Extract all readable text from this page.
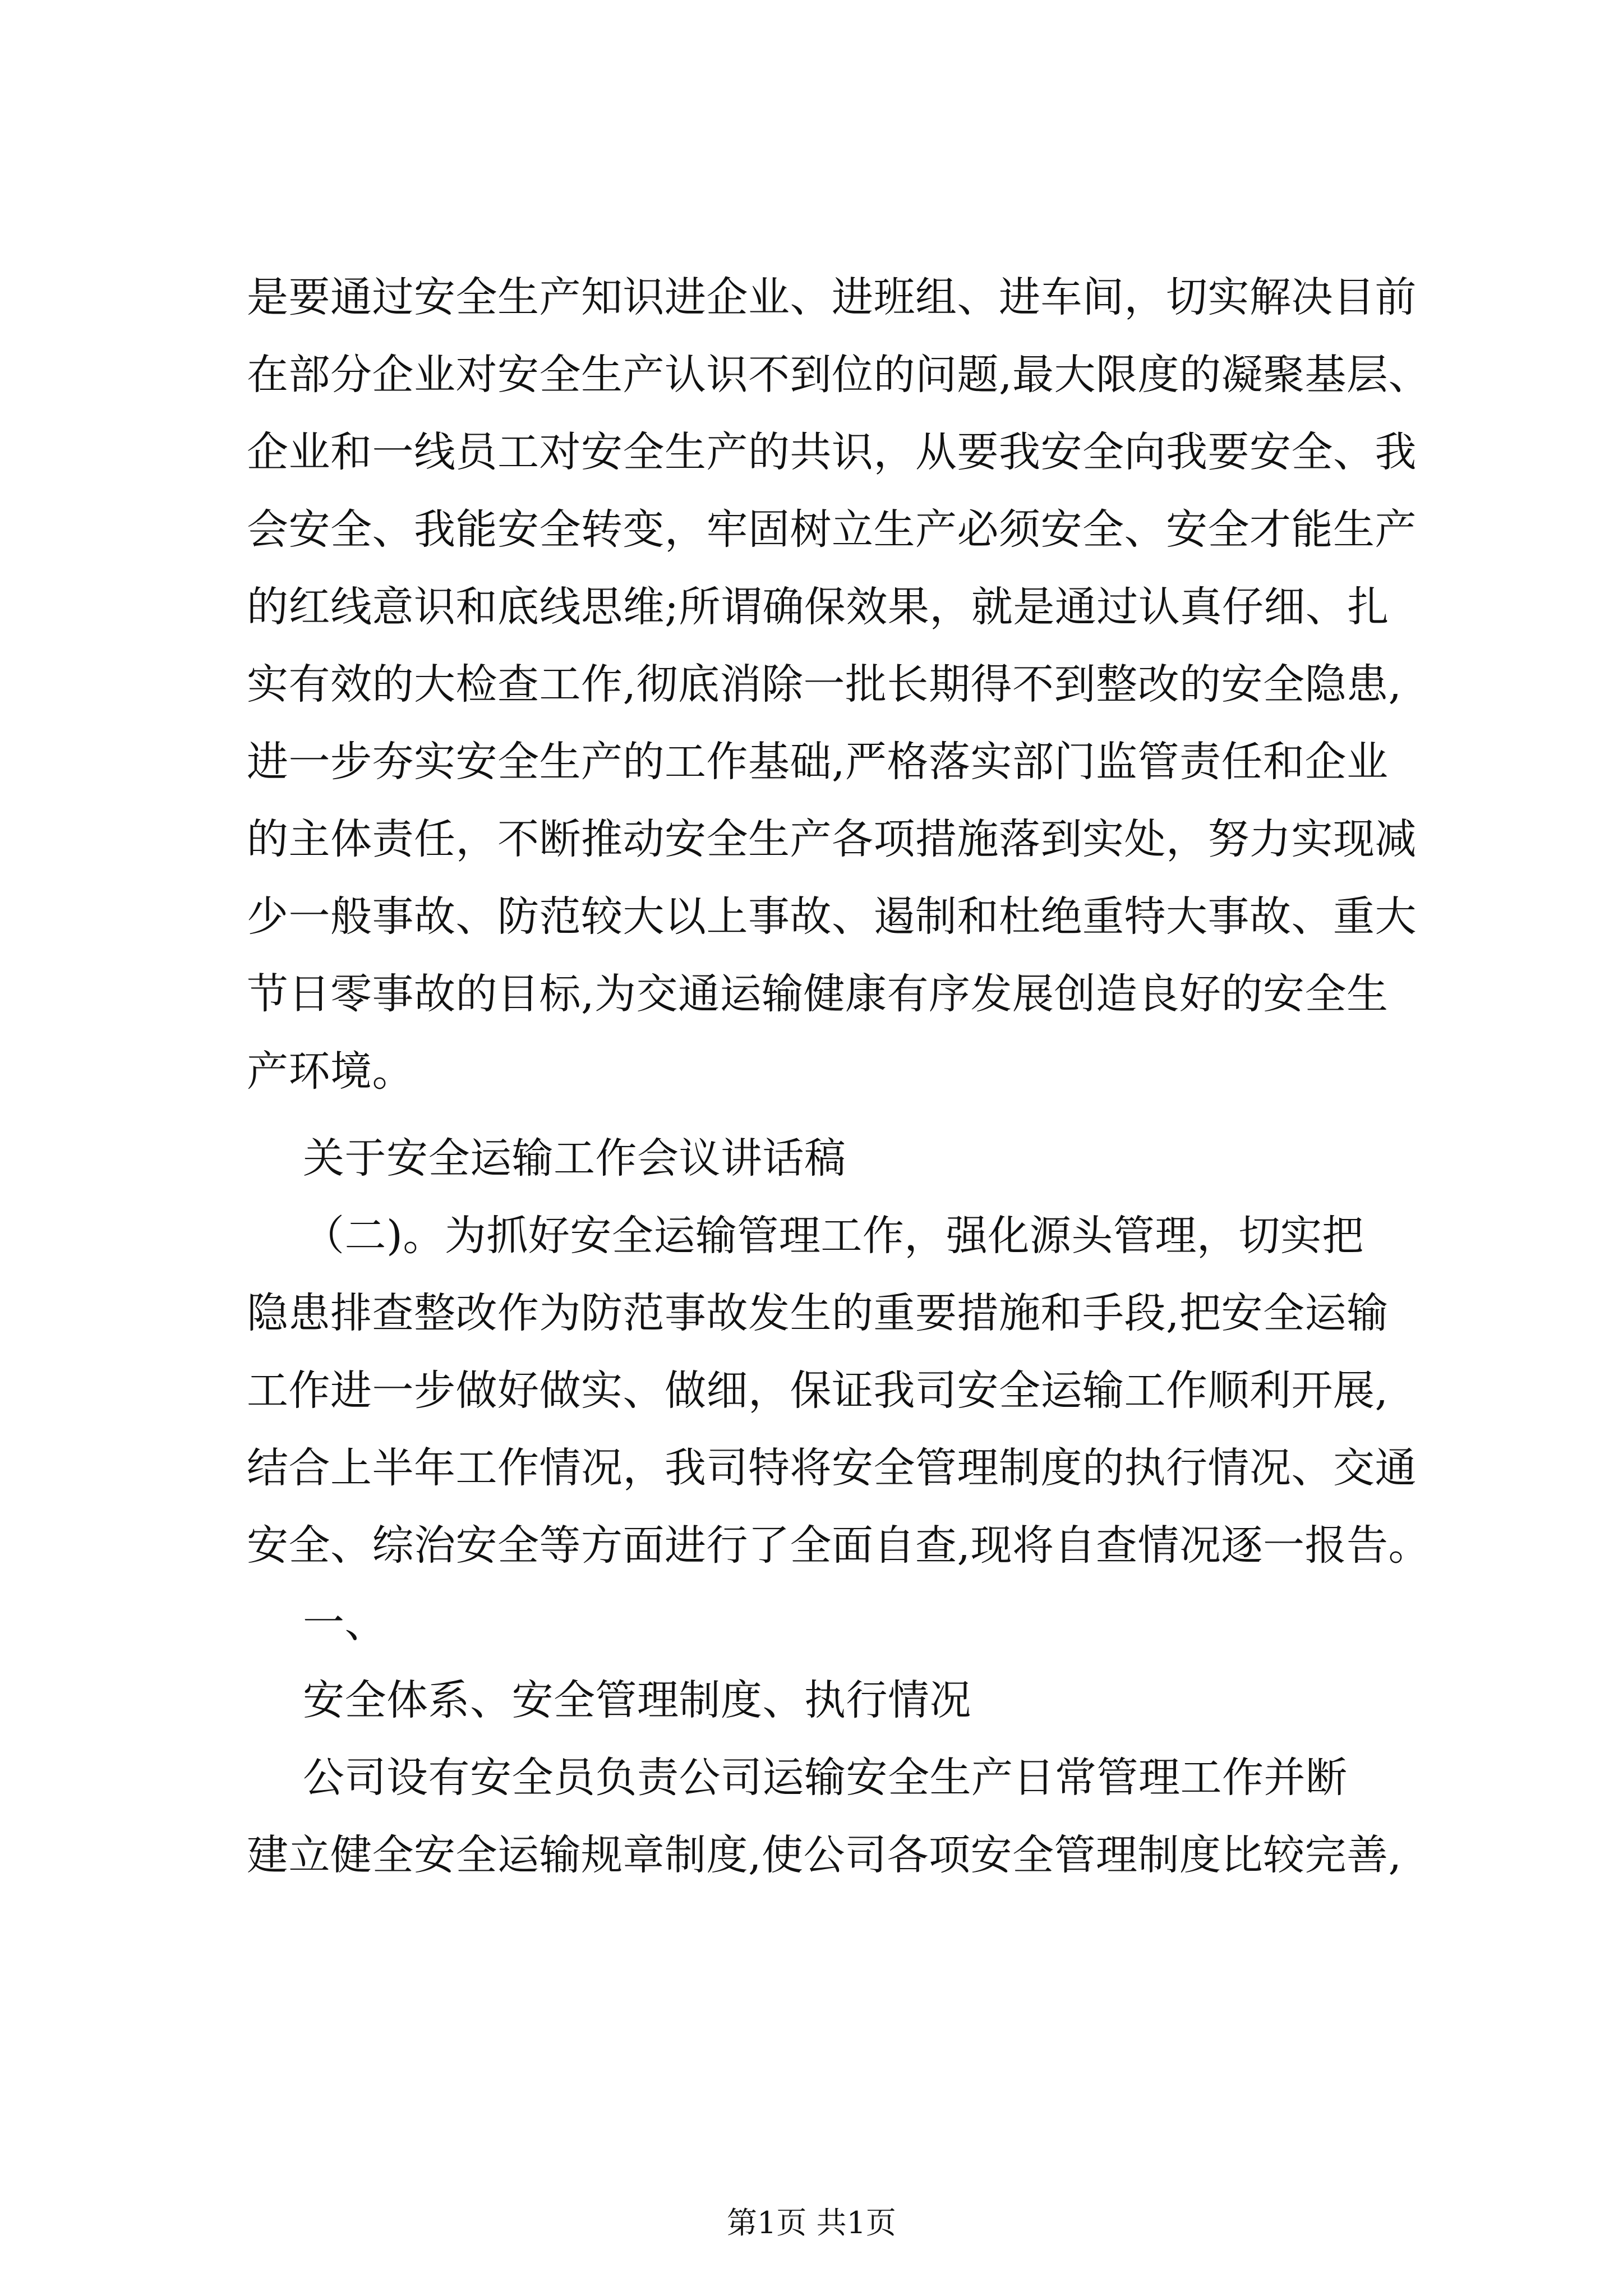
是要通过安全生产知识进企业、进班组、进车间，切实解决目前
在部分企业对安全生产认识不到位的问题,最大限度的凝聚基层、
企业和一线员工对安全生产的共识，从要我安全向我要安全、我
会安全、我能安全转变，牢固树立生产必须安全、安全才能生产
的红线意识和底线思维;所谓确保效果，就是通过认真仔细、扎
实有效的大检查工作,彻底消除一批长期得不到整改的安全隐患,
进一步夯实安全生产的工作基础,严格落实部门监管责任和企业
的主体责任，不断推动安全生产各项措施落到实处，努力实现减
少一般事故、防范较大以上事故、遏制和杜绝重特大事故、重大
节日零事故的目标,为交通运输健康有序发展创造良好的安全生
产环境。
关于安全运输工作会议讲话稿
（二)。为抓好安全运输管理工作，强化源头管理，切实把
隐患排查整改作为防范事故发生的重要措施和手段,把安全运输
工作进一步做好做实、做细，保证我司安全运输工作顺利开展,
结合上半年工作情况，我司特将安全管理制度的执行情况、交通
安全、综治安全等方面进行了全面自查,现将自查情况逐一报告。
一、
安全体系、安全管理制度、执行情况
公司设有安全员负责公司运输安全生产日常管理工作并断
建立健全安全运输规章制度,使公司各项安全管理制度比较完善,
第1页 共1页
